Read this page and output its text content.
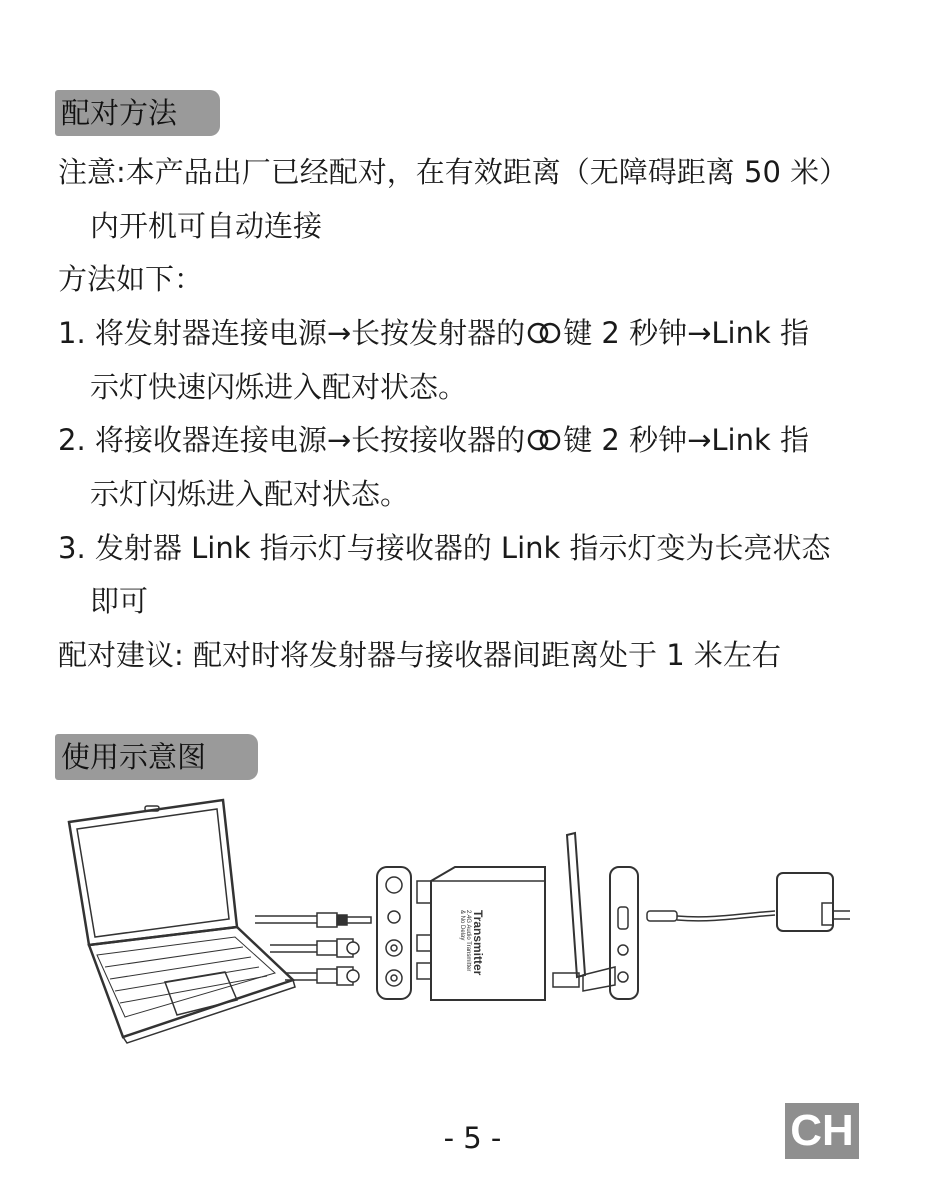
配对方法
注意:本产品出厂已经配对，在有效距离（无障碍距离 50 米）
内开机可自动连接
方法如下：
1. 将发射器连接电源→长按发射器的 键 2 秒钟→Link 指
示灯快速闪烁进入配对状态。
2. 将接收器连接电源→长按接收器的 键 2 秒钟→Link 指
示灯闪烁进入配对状态。
3. 发射器 Link 指示灯与接收器的 Link 指示灯变为长亮状态
即可
配对建议: 配对时将发射器与接收器间距离处于 1 米左右
使用示意图
Transmitter
2.4G Audio Transmitter
& No Delay
- 5 -	CH
